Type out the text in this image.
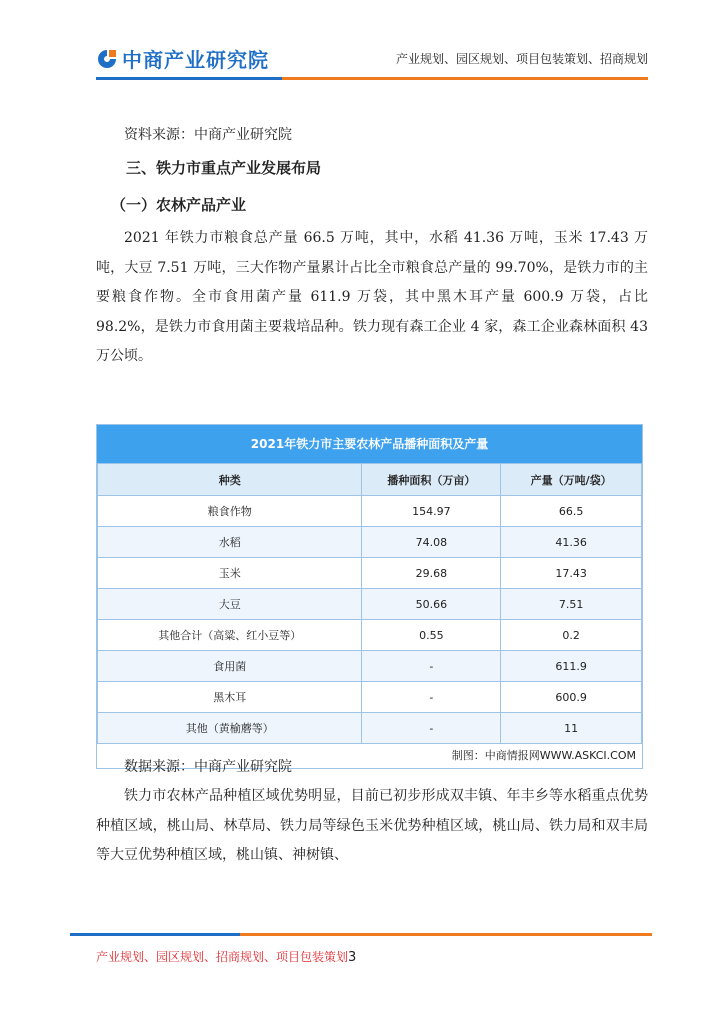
中商产业研究院	产业规划、园区规划、项目包装策划、招商规划

资料来源：中商产业研究院

三、铁力市重点产业发展布局
（一）农林产品产业

2021 年铁力市粮食总产量 66.5 万吨，其中，水稻 41.36 万吨，玉米 17.43 万吨，大豆 7.51 万吨，三大作物产量累计占比全市粮食总产量的 99.70%，是铁力市的主要粮食作物。全市食用菌产量 611.9 万袋，其中黑木耳产量 600.9 万袋，占比 98.2%，是铁力市食用菌主要栽培品种。铁力现有森工企业 4 家，森工企业森林面积 43 万公顷。

2021年铁力市主要农林产品播种面积及产量
种类	播种面积（万亩）	产量（万吨/袋）
粮食作物	154.97	66.5
水稻	74.08	41.36
玉米	29.68	17.43
大豆	50.66	7.51
其他合计（高粱、红小豆等）	0.55	0.2
食用菌	-	611.9
黑木耳	-	600.9
其他（黄榆蘑等）	-	11
制图：中商情报网WWW.ASKCI.COM

数据来源：中商产业研究院

铁力市农林产品种植区域优势明显，目前已初步形成双丰镇、年丰乡等水稻重点优势种植区域，桃山局、林草局、铁力局等绿色玉米优势种植区域，桃山局、铁力局和双丰局等大豆优势种植区域，桃山镇、神树镇、

产业规划、园区规划、招商规划、项目包装策划3
